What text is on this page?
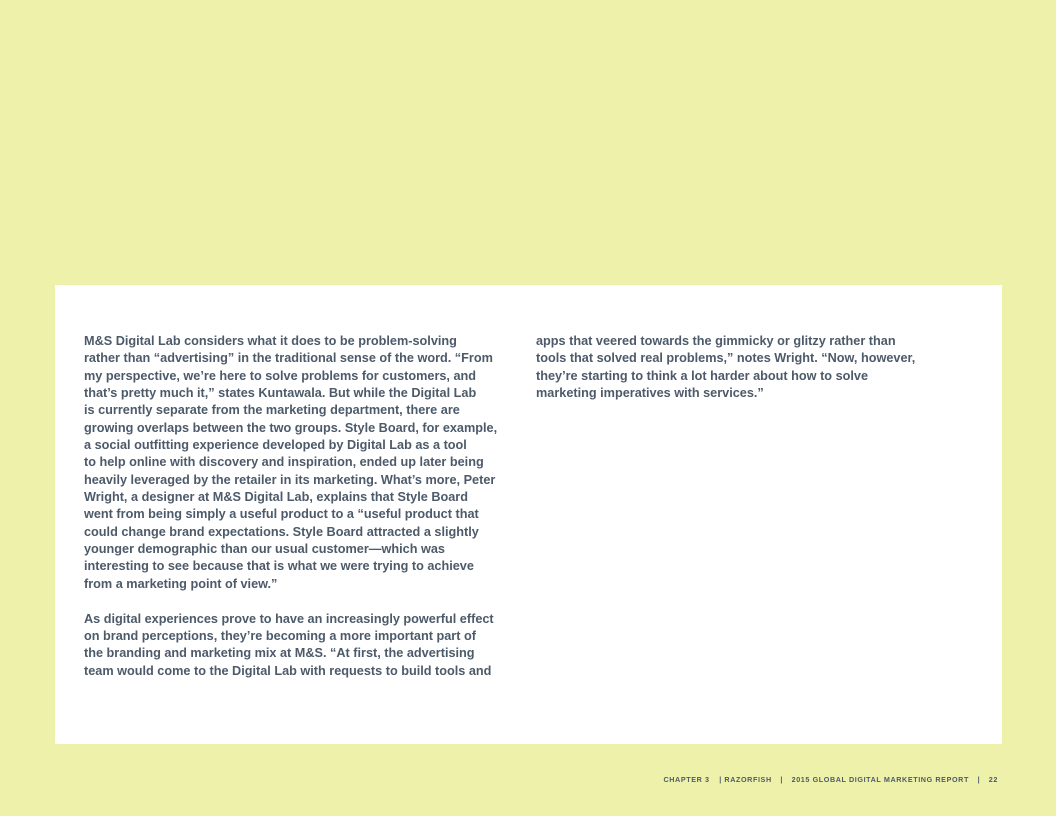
M&S Digital Lab considers what it does to be problem-solving
rather than “advertising” in the traditional sense of the word. “From
my perspective, we’re here to solve problems for customers, and
that’s pretty much it,” states Kuntawala. But while the Digital Lab
is currently separate from the marketing department, there are
growing overlaps between the two groups. Style Board, for example,
a social outfitting experience developed by Digital Lab as a tool
to help online with discovery and inspiration, ended up later being
heavily leveraged by the retailer in its marketing. What’s more, Peter
Wright, a designer at M&S Digital Lab, explains that Style Board
went from being simply a useful product to a “useful product that
could change brand expectations. Style Board attracted a slightly
younger demographic than our usual customer—which was
interesting to see because that is what we were trying to achieve
from a marketing point of view.”
As digital experiences prove to have an increasingly powerful effect
on brand perceptions, they’re becoming a more important part of
the branding and marketing mix at M&S. “At first, the advertising
team would come to the Digital Lab with requests to build tools and
apps that veered towards the gimmicky or glitzy rather than
tools that solved real problems,” notes Wright. “Now, however,
they’re starting to think a lot harder about how to solve
marketing imperatives with services.”
CHAPTER 3 | RAZORFISH | 2015 GLOBAL DIGITAL MARKETING REPORT | 22
